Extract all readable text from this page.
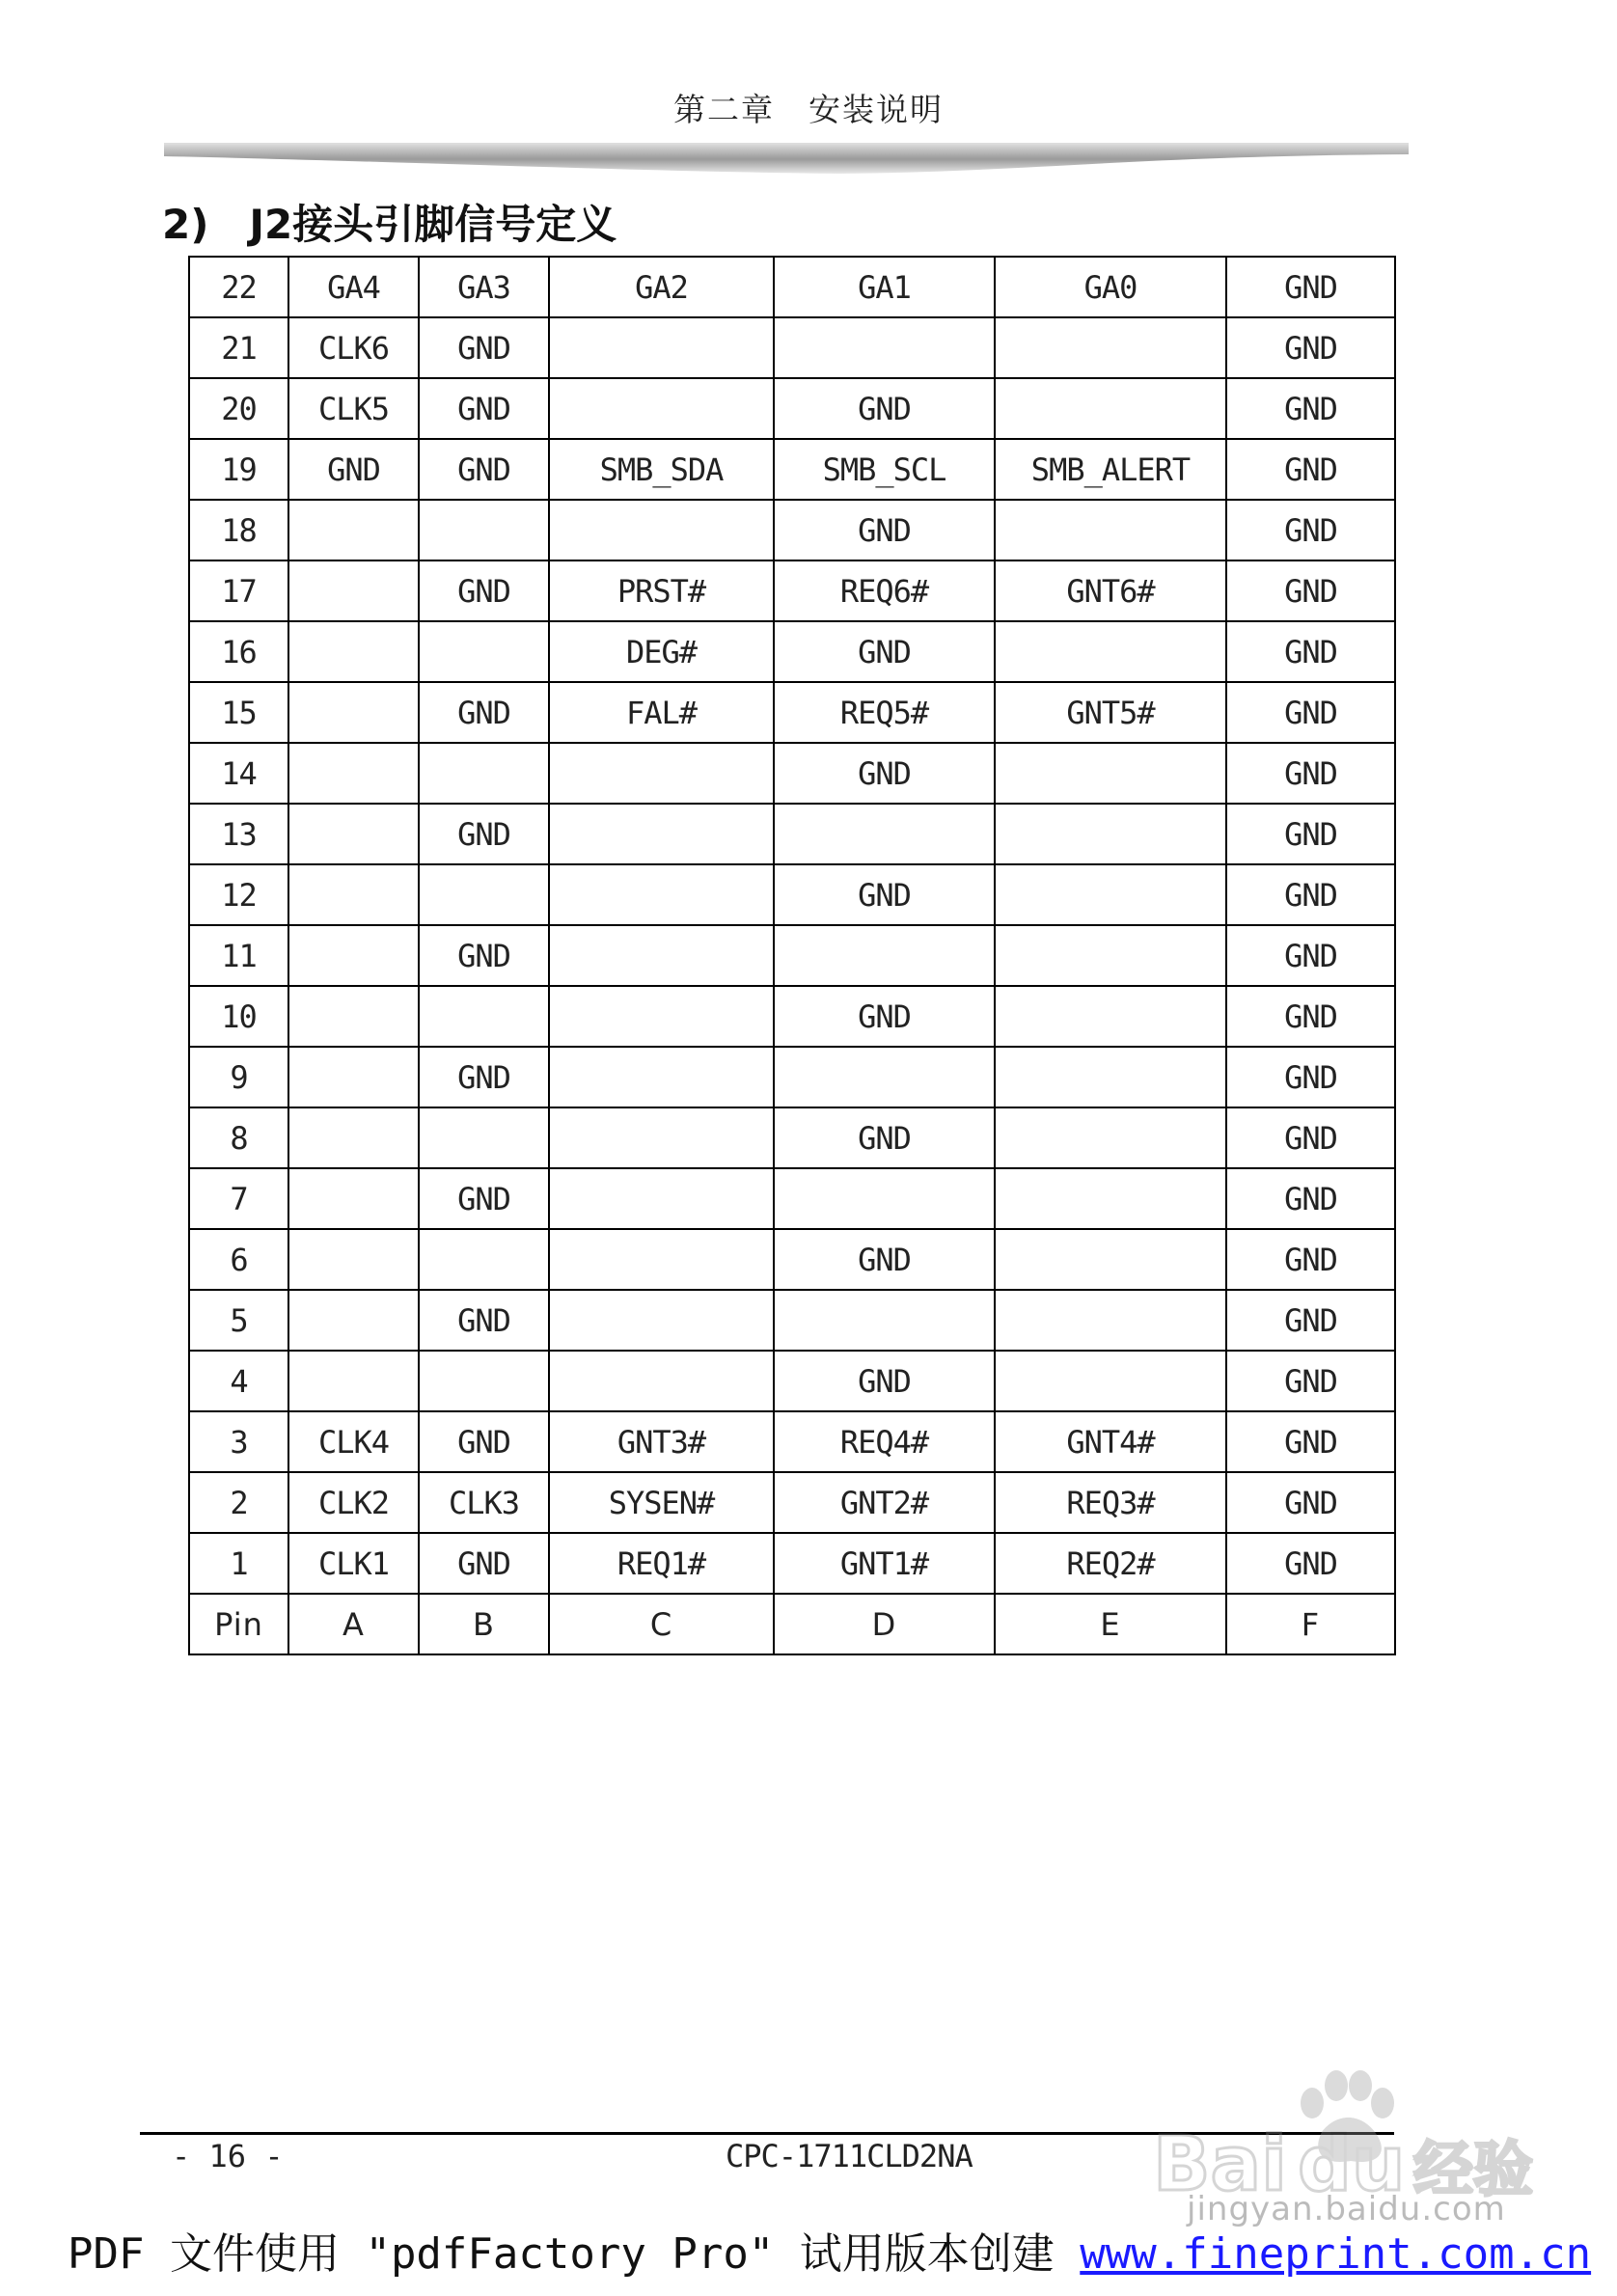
第二章　安装说明
2)　J2接头引脚信号定义
22	GA4	GA3	GA2	GA1	GA0	GND
21	CLK6	GND				GND
20	CLK5	GND		GND		GND
19	GND	GND	SMB_SDA	SMB_SCL	SMB_ALERT	GND
18				GND		GND
17		GND	PRST#	REQ6#	GNT6#	GND
16			DEG#	GND		GND
15		GND	FAL#	REQ5#	GNT5#	GND
14				GND		GND
13		GND				GND
12				GND		GND
11		GND				GND
10				GND		GND
9		GND				GND
8				GND		GND
7		GND				GND
6				GND		GND
5		GND				GND
4				GND		GND
3	CLK4	GND	GNT3#	REQ4#	GNT4#	GND
2	CLK2	CLK3	SYSEN#	GNT2#	REQ3#	GND
1	CLK1	GND	REQ1#	GNT1#	REQ2#	GND
Pin	A	B	C	D	E	F
- 16 -	CPC-1711CLD2NA Bai du 经验
jingyan.baidu.com
PDF 文件使用 "pdfFactory Pro" 试用版本创建 www.fineprint.com.cn
